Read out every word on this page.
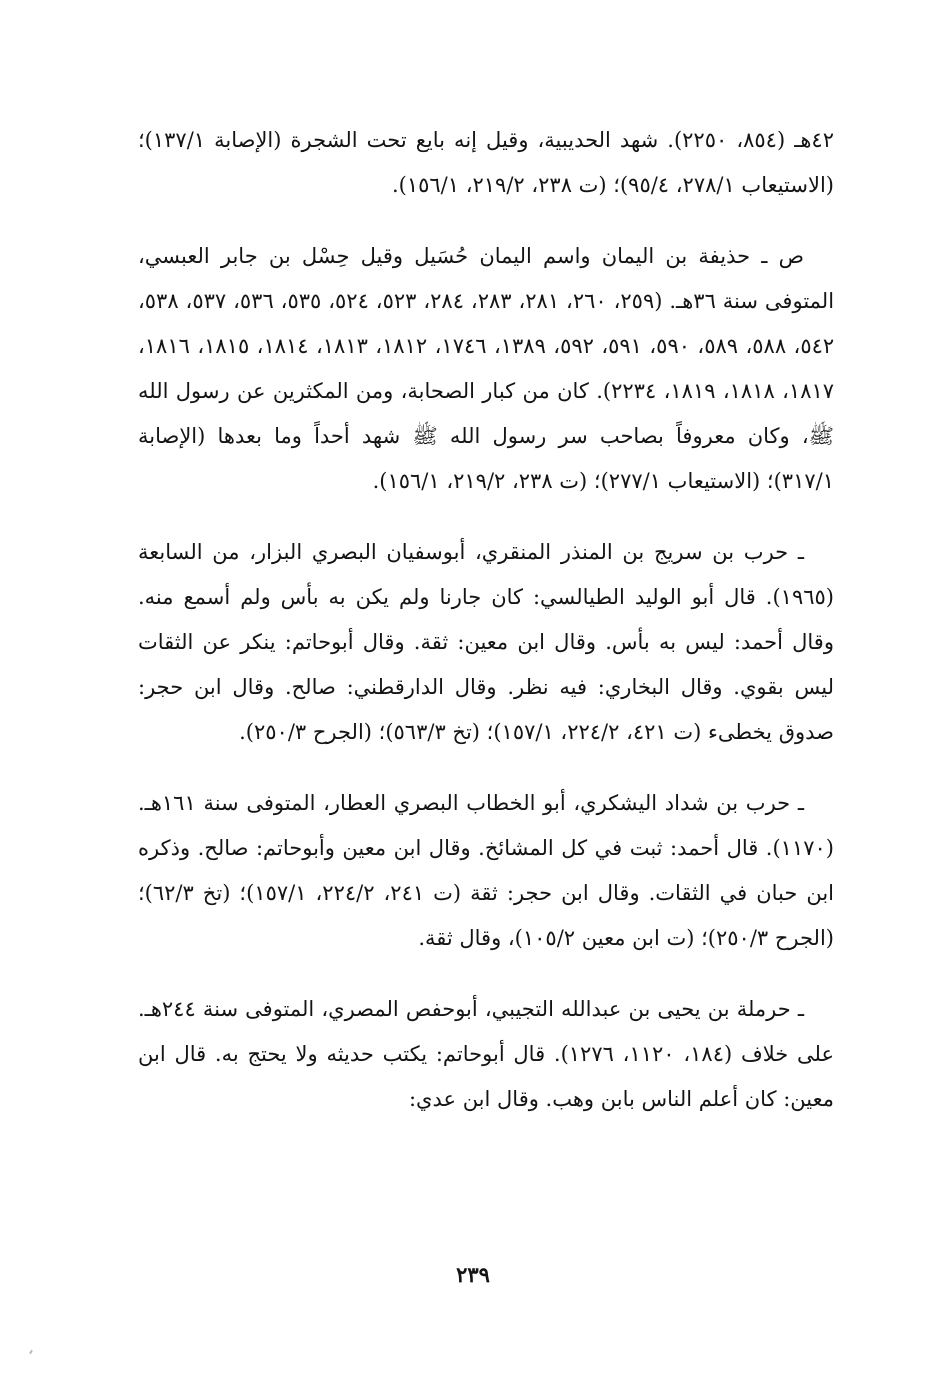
٤٢هـ (٨٥٤، ٢٢٥٠). شهد الحديبية، وقيل إنه بايع تحت الشجرة (الإصابة ١٣٧/١)؛ (الاستيعاب ٢٧٨/١، ٩٥/٤)؛ (ت ٢٣٨، ٢١٩/٢، ١٥٦/١).

ص ـ حذيفة بن اليمان واسم اليمان حُسَيل وقيل حِسْل بن جابر العبسي، المتوفى سنة ٣٦هـ. (٢٥٩، ٢٦٠، ٢٨١، ٢٨٣، ٢٨٤، ٥٢٣، ٥٢٤، ٥٣٥، ٥٣٦، ٥٣٧، ٥٣٨، ٥٤٢، ٥٨٨، ٥٨٩، ٥٩٠، ٥٩١، ٥٩٢، ١٣٨٩، ١٧٤٦، ١٨١٢، ١٨١٣، ١٨١٤، ١٨١٥، ١٨١٦، ١٨١٧، ١٨١٨، ١٨١٩، ٢٢٣٤). كان من كبار الصحابة، ومن المكثرين عن رسول الله ﷺ، وكان معروفاً بصاحب سر رسول الله ﷺ شهد أحداً وما بعدها (الإصابة ٣١٧/١)؛ (الاستيعاب ٢٧٧/١)؛ (ت ٢٣٨، ٢١٩/٢، ١٥٦/١).

ـ حرب بن سريج بن المنذر المنقري، أبوسفيان البصري البزار، من السابعة (١٩٦٥). قال أبو الوليد الطيالسي: كان جارنا ولم يكن به بأس ولم أسمع منه. وقال أحمد: ليس به بأس. وقال ابن معين: ثقة. وقال أبوحاتم: ينكر عن الثقات ليس بقوي. وقال البخاري: فيه نظر. وقال الدارقطني: صالح. وقال ابن حجر: صدوق يخطىء (ت ٤٢١، ٢٢٤/٢، ١٥٧/١)؛ (تخ ٥٦٣/٣)؛ (الجرح ٢٥٠/٣).

ـ حرب بن شداد اليشكري، أبو الخطاب البصري العطار، المتوفى سنة ١٦١هـ. (١١٧٠). قال أحمد: ثبت في كل المشائخ. وقال ابن معين وأبوحاتم: صالح. وذكره ابن حبان في الثقات. وقال ابن حجر: ثقة (ت ٢٤١، ٢٢٤/٢، ١٥٧/١)؛ (تخ ٦٢/٣)؛ (الجرح ٢٥٠/٣)؛ (ت ابن معين ١٠٥/٢)، وقال ثقة.

ـ حرملة بن يحيى بن عبدالله التجيبي، أبوحفص المصري، المتوفى سنة ٢٤٤هـ. على خلاف (١٨٤، ١١٢٠، ١٢٧٦). قال أبوحاتم: يكتب حديثه ولا يحتج به. قال ابن معين: كان أعلم الناس بابن وهب. وقال ابن عدي:

٢٣٩
